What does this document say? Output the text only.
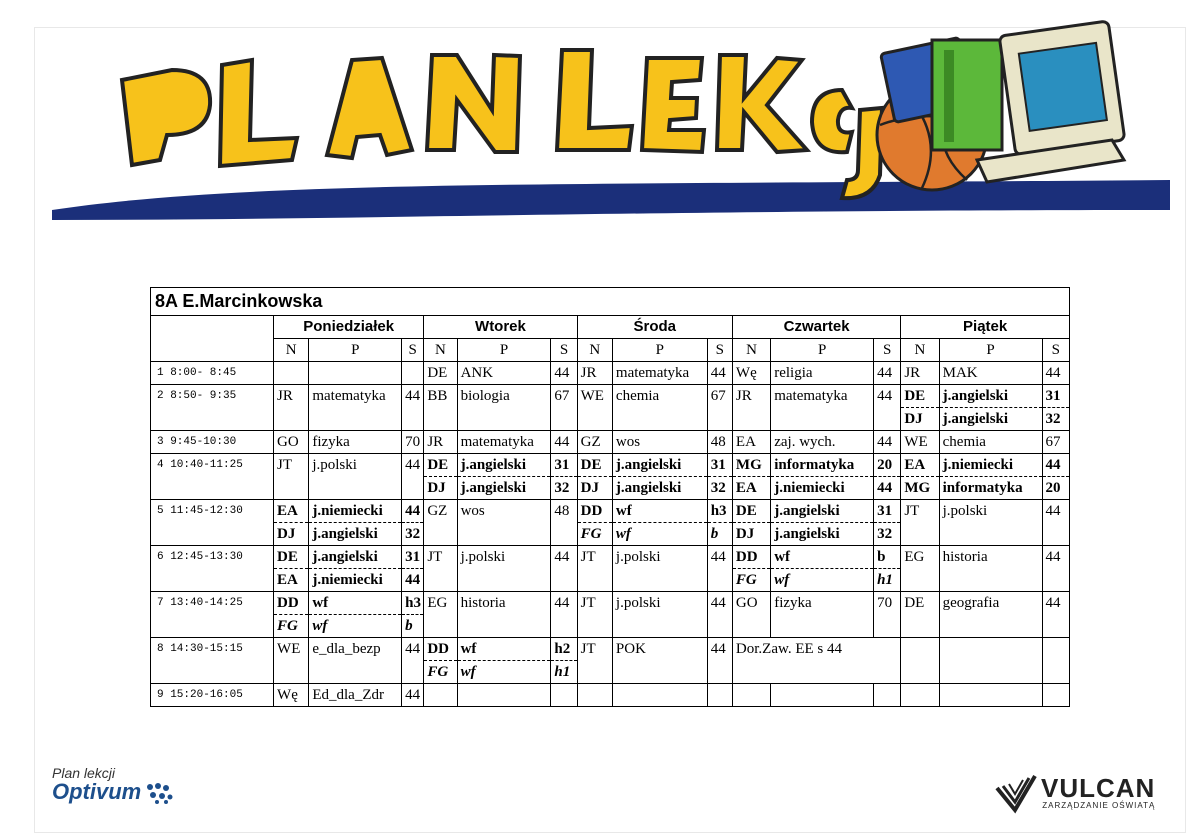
8A E.Marcinkowska															
	Poniedziałek			Wtorek			Środa			Czwartek			Piątek		
	N	P	S	N	P	S	N	P	S	N	P	S	N	P	S
1 8:00- 8:45				DE	ANK	44	JR	matematyka	44	Wę	religia	44	JR	MAK	44
2 8:50- 9:35	JR	matematyka	44	BB	biologia	67	WE	chemia	67	JR	matematyka	44	DE	j.angielski	31
													DJ	j.angielski	32
3 9:45-10:30	GO	fizyka	70	JR	matematyka	44	GZ	wos	48	EA	zaj. wych.	44	WE	chemia	67
4 10:40-11:25	JT	j.polski	44	DE	j.angielski	31	DE	j.angielski	31	MG	informatyka	20	EA	j.niemiecki	44
				DJ	j.angielski	32	DJ	j.angielski	32	EA	j.niemiecki	44	MG	informatyka	20
5 11:45-12:30	EA	j.niemiecki	44	GZ	wos	48	DD	wf	h3	DE	j.angielski	31	JT	j.polski	44
	DJ	j.angielski	32				FG	wf	b	DJ	j.angielski	32			
6 12:45-13:30	DE	j.angielski	31	JT	j.polski	44	JT	j.polski	44	DD	wf	b	EG	historia	44
	EA	j.niemiecki	44							FG	wf	h1			
7 13:40-14:25	DD	wf	h3	EG	historia	44	JT	j.polski	44	GO	fizyka	70	DE	geografia	44
	FG	wf	b												
8 14:30-15:15	WE	e_dla_bezp	44	DD	wf	h2	JT	POK	44	Dor.Zaw. EE s 44					
				FG	wf	h1									
9 15:20-16:05	Wę	Ed_dla_Zdr	44												
Plan lekcji
Optivum	VULCAN
ZARZĄDZANIE OŚWIATĄ
